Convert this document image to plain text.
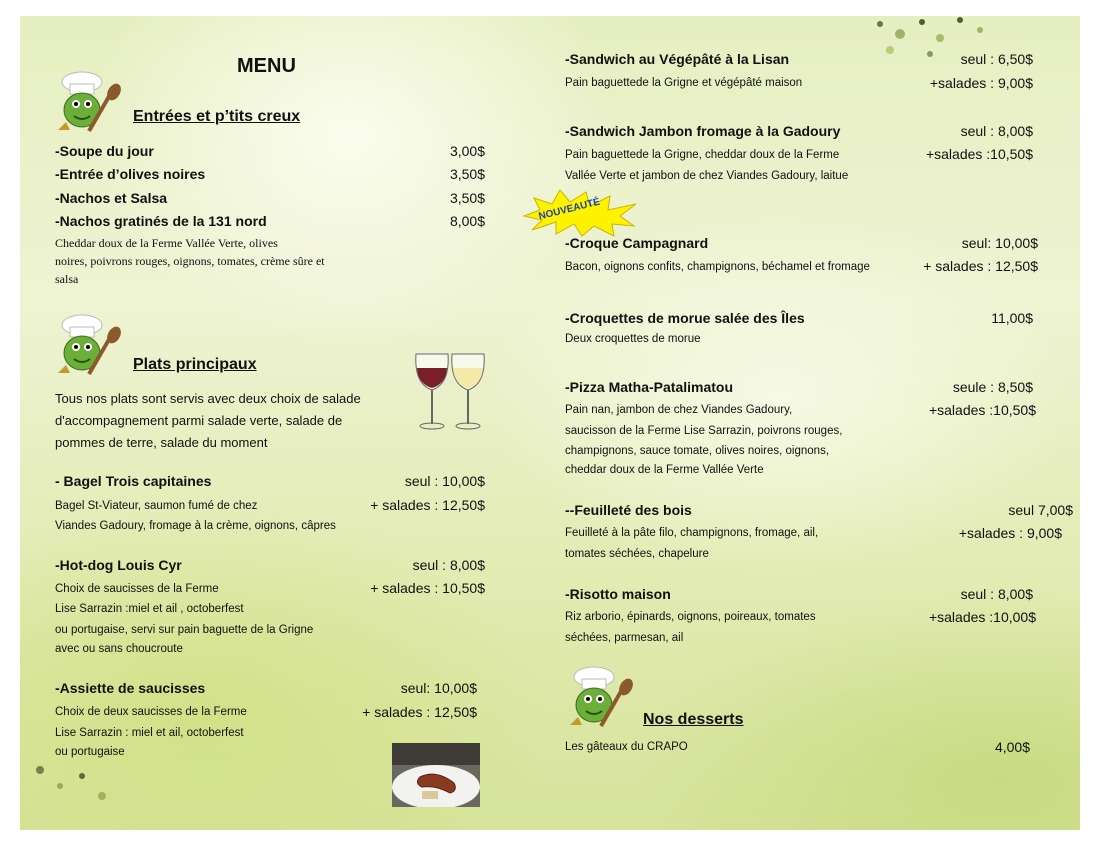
MENU
Entrées et p’tits creux
-Soupe du jour	3,00$
-Entrée d’olives noires	3,50$
-Nachos et Salsa	3,50$
-Nachos gratinés de la 131 nord	8,00$
Cheddar doux de la Ferme Vallée Verte, olives
noires, poivrons rouges, oignons, tomates, crème sûre et
salsa
Plats principaux
Tous nos plats sont servis avec deux choix de salade
d'accompagnement parmi salade verte, salade de
pommes de terre, salade du moment
- Bagel Trois capitaines	seul : 10,00$
+ salades : 12,50$
Bagel St-Viateur, saumon fumé de chez
Viandes Gadoury, fromage à la crème, oignons, câpres
-Hot-dog Louis Cyr	seul : 8,00$
+ salades : 10,50$
Choix de saucisses de la Ferme
Lise Sarrazin :miel et ail , octoberfest
ou portugaise, servi sur pain baguette de la Grigne
avec ou sans choucroute
-Assiette de saucisses	seul: 10,00$
+ salades : 12,50$
Choix de deux saucisses de la Ferme
Lise Sarrazin : miel et ail, octoberfest
ou portugaise
-Sandwich au Végépâté à la Lisan	seul : 6,50$
+salades : 9,00$
Pain baguettede la Grigne et végépâté maison
-Sandwich Jambon fromage à la Gadoury	seul : 8,00$
+salades :10,50$
Pain baguettede la Grigne, cheddar doux de la Ferme
Vallée Verte et jambon de chez Viandes Gadoury, laitue
NOUVEAUTÉ
-Croque Campagnard	seul: 10,00$
+ salades : 12,50$
Bacon, oignons confits, champignons, béchamel et fromage
-Croquettes de morue salée des Îles	11,00$
Deux croquettes de morue
-Pizza Matha-Patalimatou	seule : 8,50$
+salades :10,50$
Pain nan, jambon de chez Viandes Gadoury,
saucisson de la Ferme Lise Sarrazin, poivrons rouges,
champignons, sauce tomate, olives noires, oignons,
cheddar doux de la Ferme Vallée Verte
--Feuilleté des bois	seul 7,00$
+salades : 9,00$
Feuilleté à la pâte filo, champignons, fromage, ail,
tomates séchées, chapelure
-Risotto maison	seul : 8,00$
+salades :10,00$
Riz arborio, épinards, oignons, poireaux, tomates
séchées, parmesan, ail
Nos desserts
Les gâteaux du CRAPO	4,00$
